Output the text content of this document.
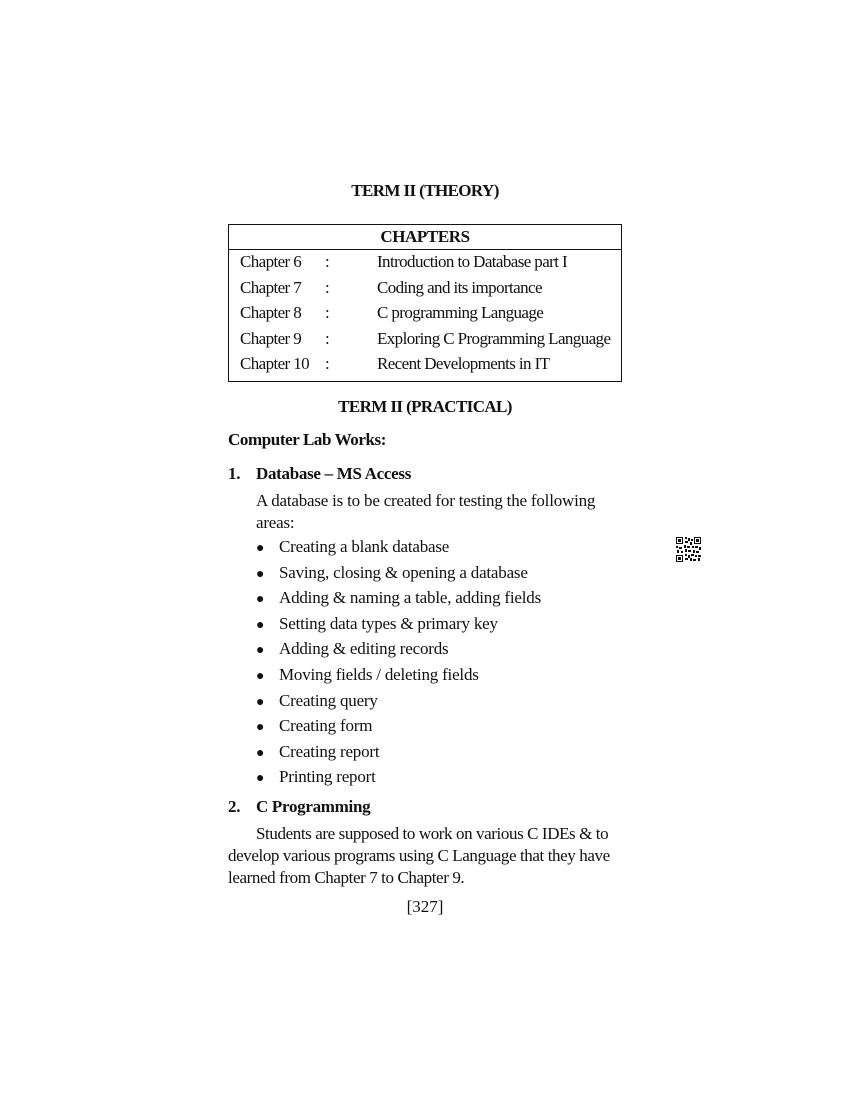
TERM II (THEORY)
CHAPTERS
Chapter 6 :	Introduction to Database part I
Chapter 7 :	Coding and its importance
Chapter 8 :	C programming Language
Chapter 9 :	Exploring C Programming Language
Chapter 10 :	Recent Developments in IT
TERM II (PRACTICAL)
Computer Lab Works:
1. Database – MS Access
A database is to be created for testing the following areas:
● Creating a blank database
● Saving, closing & opening a database
● Adding & naming a table, adding fields
● Setting data types & primary key
● Adding & editing records
● Moving fields / deleting fields
● Creating query
● Creating form
● Creating report
● Printing report
2. C Programming
Students are supposed to work on various C IDEs & to develop various programs using C Language that they have learned from Chapter 7 to Chapter 9.
[327]
